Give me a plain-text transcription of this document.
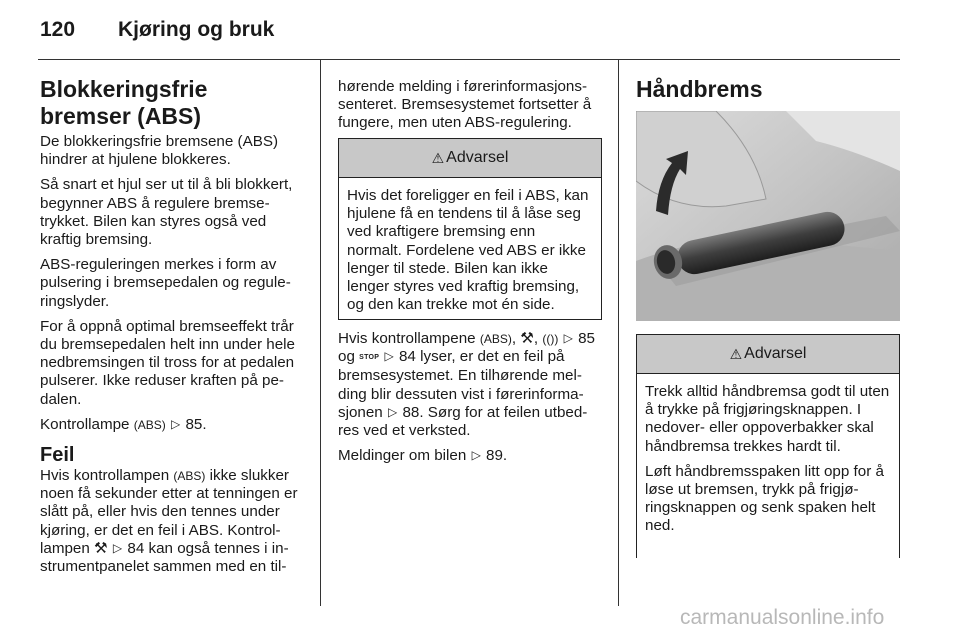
120	Kjøring og bruk
Blokkeringsfrie bremser (ABS)

De blokkeringsfrie bremsene (ABS) hindrer at hjulene blokkeres.

Så snart et hjul ser ut til å bli blokkert, begynner ABS å regulere bremsetrykket. Bilen kan styres også ved kraftig bremsing.

ABS-reguleringen merkes i form av pulsering i bremsepedalen og reguleringslyder.

For å oppnå optimal bremseeffekt trår du bremsepedalen helt inn under hele nedbremsingen til tross for at pedalen pulserer. Ikke reduser kraften på pedalen.

Kontrollampe (ABS) ▷ 85.

Feil

Hvis kontrollampen (ABS) ikke slukker noen få sekunder etter at tenningen er slått på, eller hvis den tennes under kjøring, er det en feil i ABS. Kontrollampen ⚒ ▷ 84 kan også tennes i instrumentpanelet sammen med en til-

hørende melding i førerinformasjonssenteret. Bremsesystemet fortsetter å fungere, men uten ABS-regulering.

⚠ Advarsel

Hvis det foreligger en feil i ABS, kan hjulene få en tendens til å låse seg ved kraftigere bremsing enn normalt. Fordelene ved ABS er ikke lenger til stede. Bilen kan ikke lenger styres ved kraftig bremsing, og den kan trekke mot én side.

Hvis kontrollampene (ABS), ⚒, (()) ▷ 85 og STOP ▷ 84 lyser, er det en feil på bremsesystemet. En tilhørende melding blir dessuten vist i førerinformasjonen ▷ 88. Sørg for at feilen utbedres ved et verksted.

Meldinger om bilen ▷ 89.

Håndbrems
⚠ Advarsel

Trekk alltid håndbremsa godt til uten å trykke på frigjøringsknappen. I nedover- eller oppoverbakker skal håndbremsa trekkes hardt til.

Løft håndbremsspaken litt opp for å løse ut bremsen, trykk på frigjøringsknappen og senk spaken helt ned.

carmanualsonline.info
